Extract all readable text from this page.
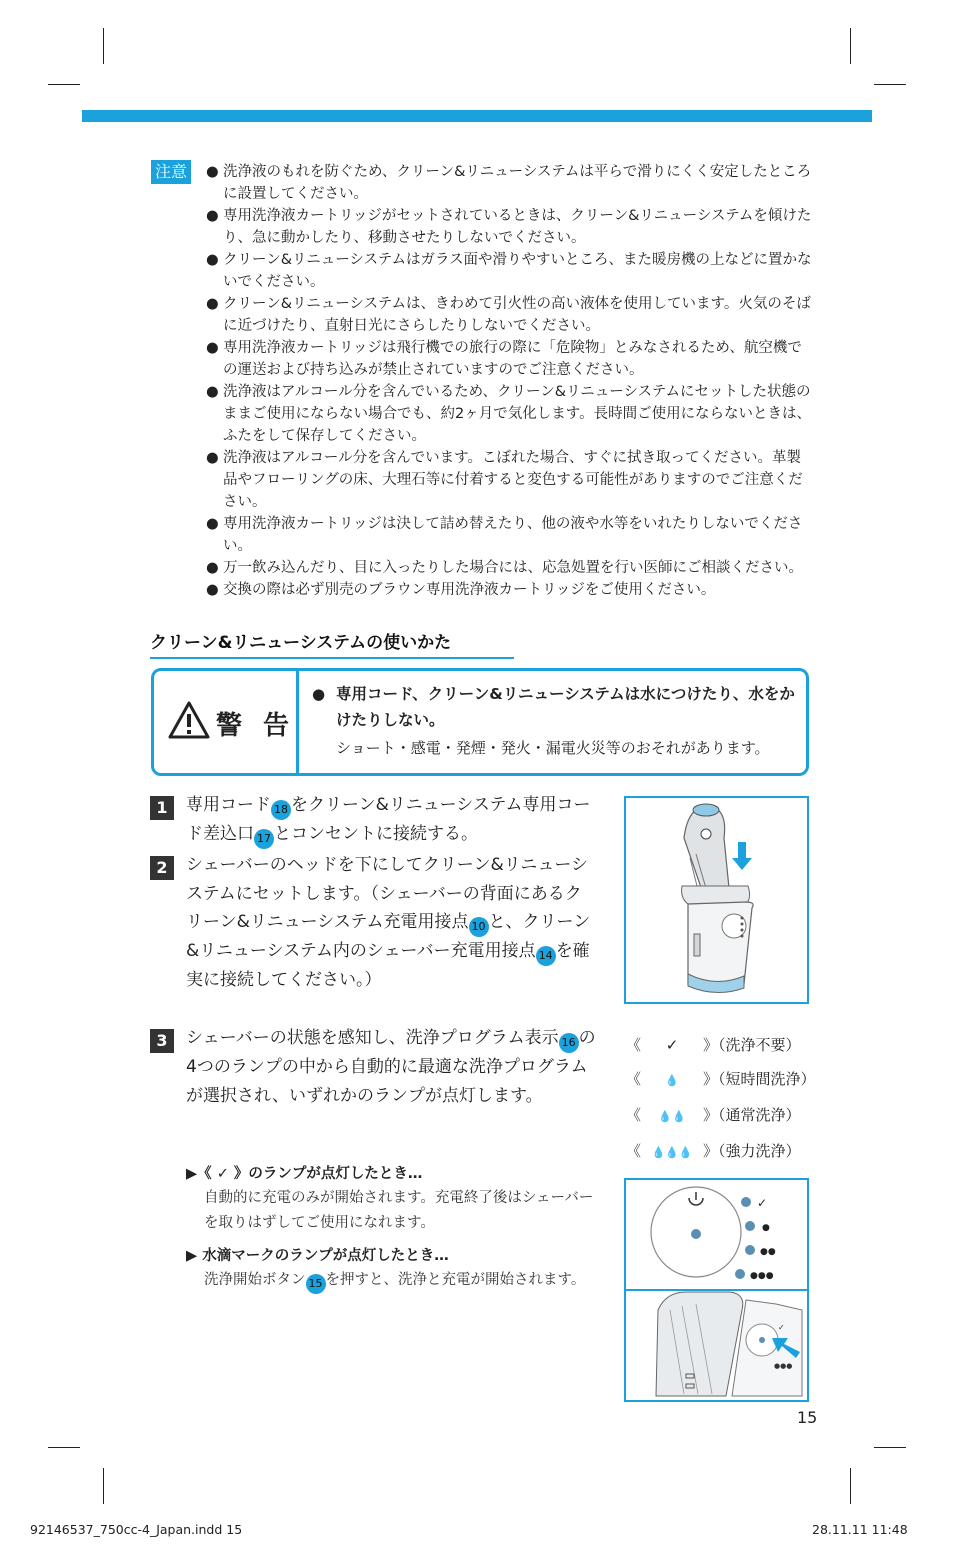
注意
●	洗浄液のもれを防ぐため、クリーン&リニューシステムは平らで滑りにくく安定したところに設置してください。
● 専用洗浄液カートリッジがセットされているときは、クリーン&リニューシステムを傾けたり、急に動かしたり、移動させたりしないでください。
● クリーン&リニューシステムはガラス面や滑りやすいところ、また暖房機の上などに置かないでください。
● クリーン&リニューシステムは、きわめて引火性の高い液体を使用しています。火気のそばに近づけたり、直射日光にさらしたりしないでください。
● 専用洗浄液カートリッジは飛行機での旅行の際に「危険物」とみなされるため、航空機での運送および持ち込みが禁止されていますのでご注意ください。
● 洗浄液はアルコール分を含んでいるため、クリーン&リニューシステムにセットした状態のままご使用にならない場合でも、約2ヶ月で気化します。長時間ご使用にならないときは、ふたをして保存してください。
● 洗浄液はアルコール分を含んでいます。こぼれた場合、すぐに拭き取ってください。革製品やフローリングの床、大理石等に付着すると変色する可能性がありますのでご注意ください。
● 専用洗浄液カートリッジは決して詰め替えたり、他の液や水等をいれたりしないでください。
● 万一飲み込んだり、目に入ったりした場合には、応急処置を行い医師にご相談ください。
● 交換の際は必ず別売のブラウン専用洗浄液カートリッジをご使用ください。
クリーン&リニューシステムの使いかた
警 告
● 専用コード、クリーン&リニューシステムは水につけたり、水をかけたりしない。
ショート・感電・発煙・発火・漏電火災等のおそれがあります。
1	専用コード 18 をクリーン&リニューシステム専用コード差込口 17 とコンセントに接続する。
2	シェーバーのヘッドを下にしてクリーン&リニューシステムにセットします。（シェーバーの背面にあるクリーン&リニューシステム充電用接点 10 と、クリーン&リニューシステム内のシェーバー充電用接点 14 を確実に接続してください。）
3	シェーバーの状態を感知し、洗浄プログラム表示 16 の4つのランプの中から自動的に最適な洗浄プログラムが選択され、いずれかのランプが点灯します。
《 ✓ 》（洗浄不要）
《 💧 》（短時間洗浄）
《 💧💧 》（通常洗浄）
《 💧💧💧 》（強力洗浄）
▶《 ✓ 》のランプが点灯したとき…
自動的に充電のみが開始されます。充電終了後はシェーバーを取りはずしてご使用になれます。
▶ 水滴マークのランプが点灯したとき…
洗浄開始ボタン 15 を押すと、洗浄と充電が開始されます。
✓
●
●●
●●●
✓
●●●
15
92146537_750cc-4_Japan.indd 15	28.11.11 11:48
